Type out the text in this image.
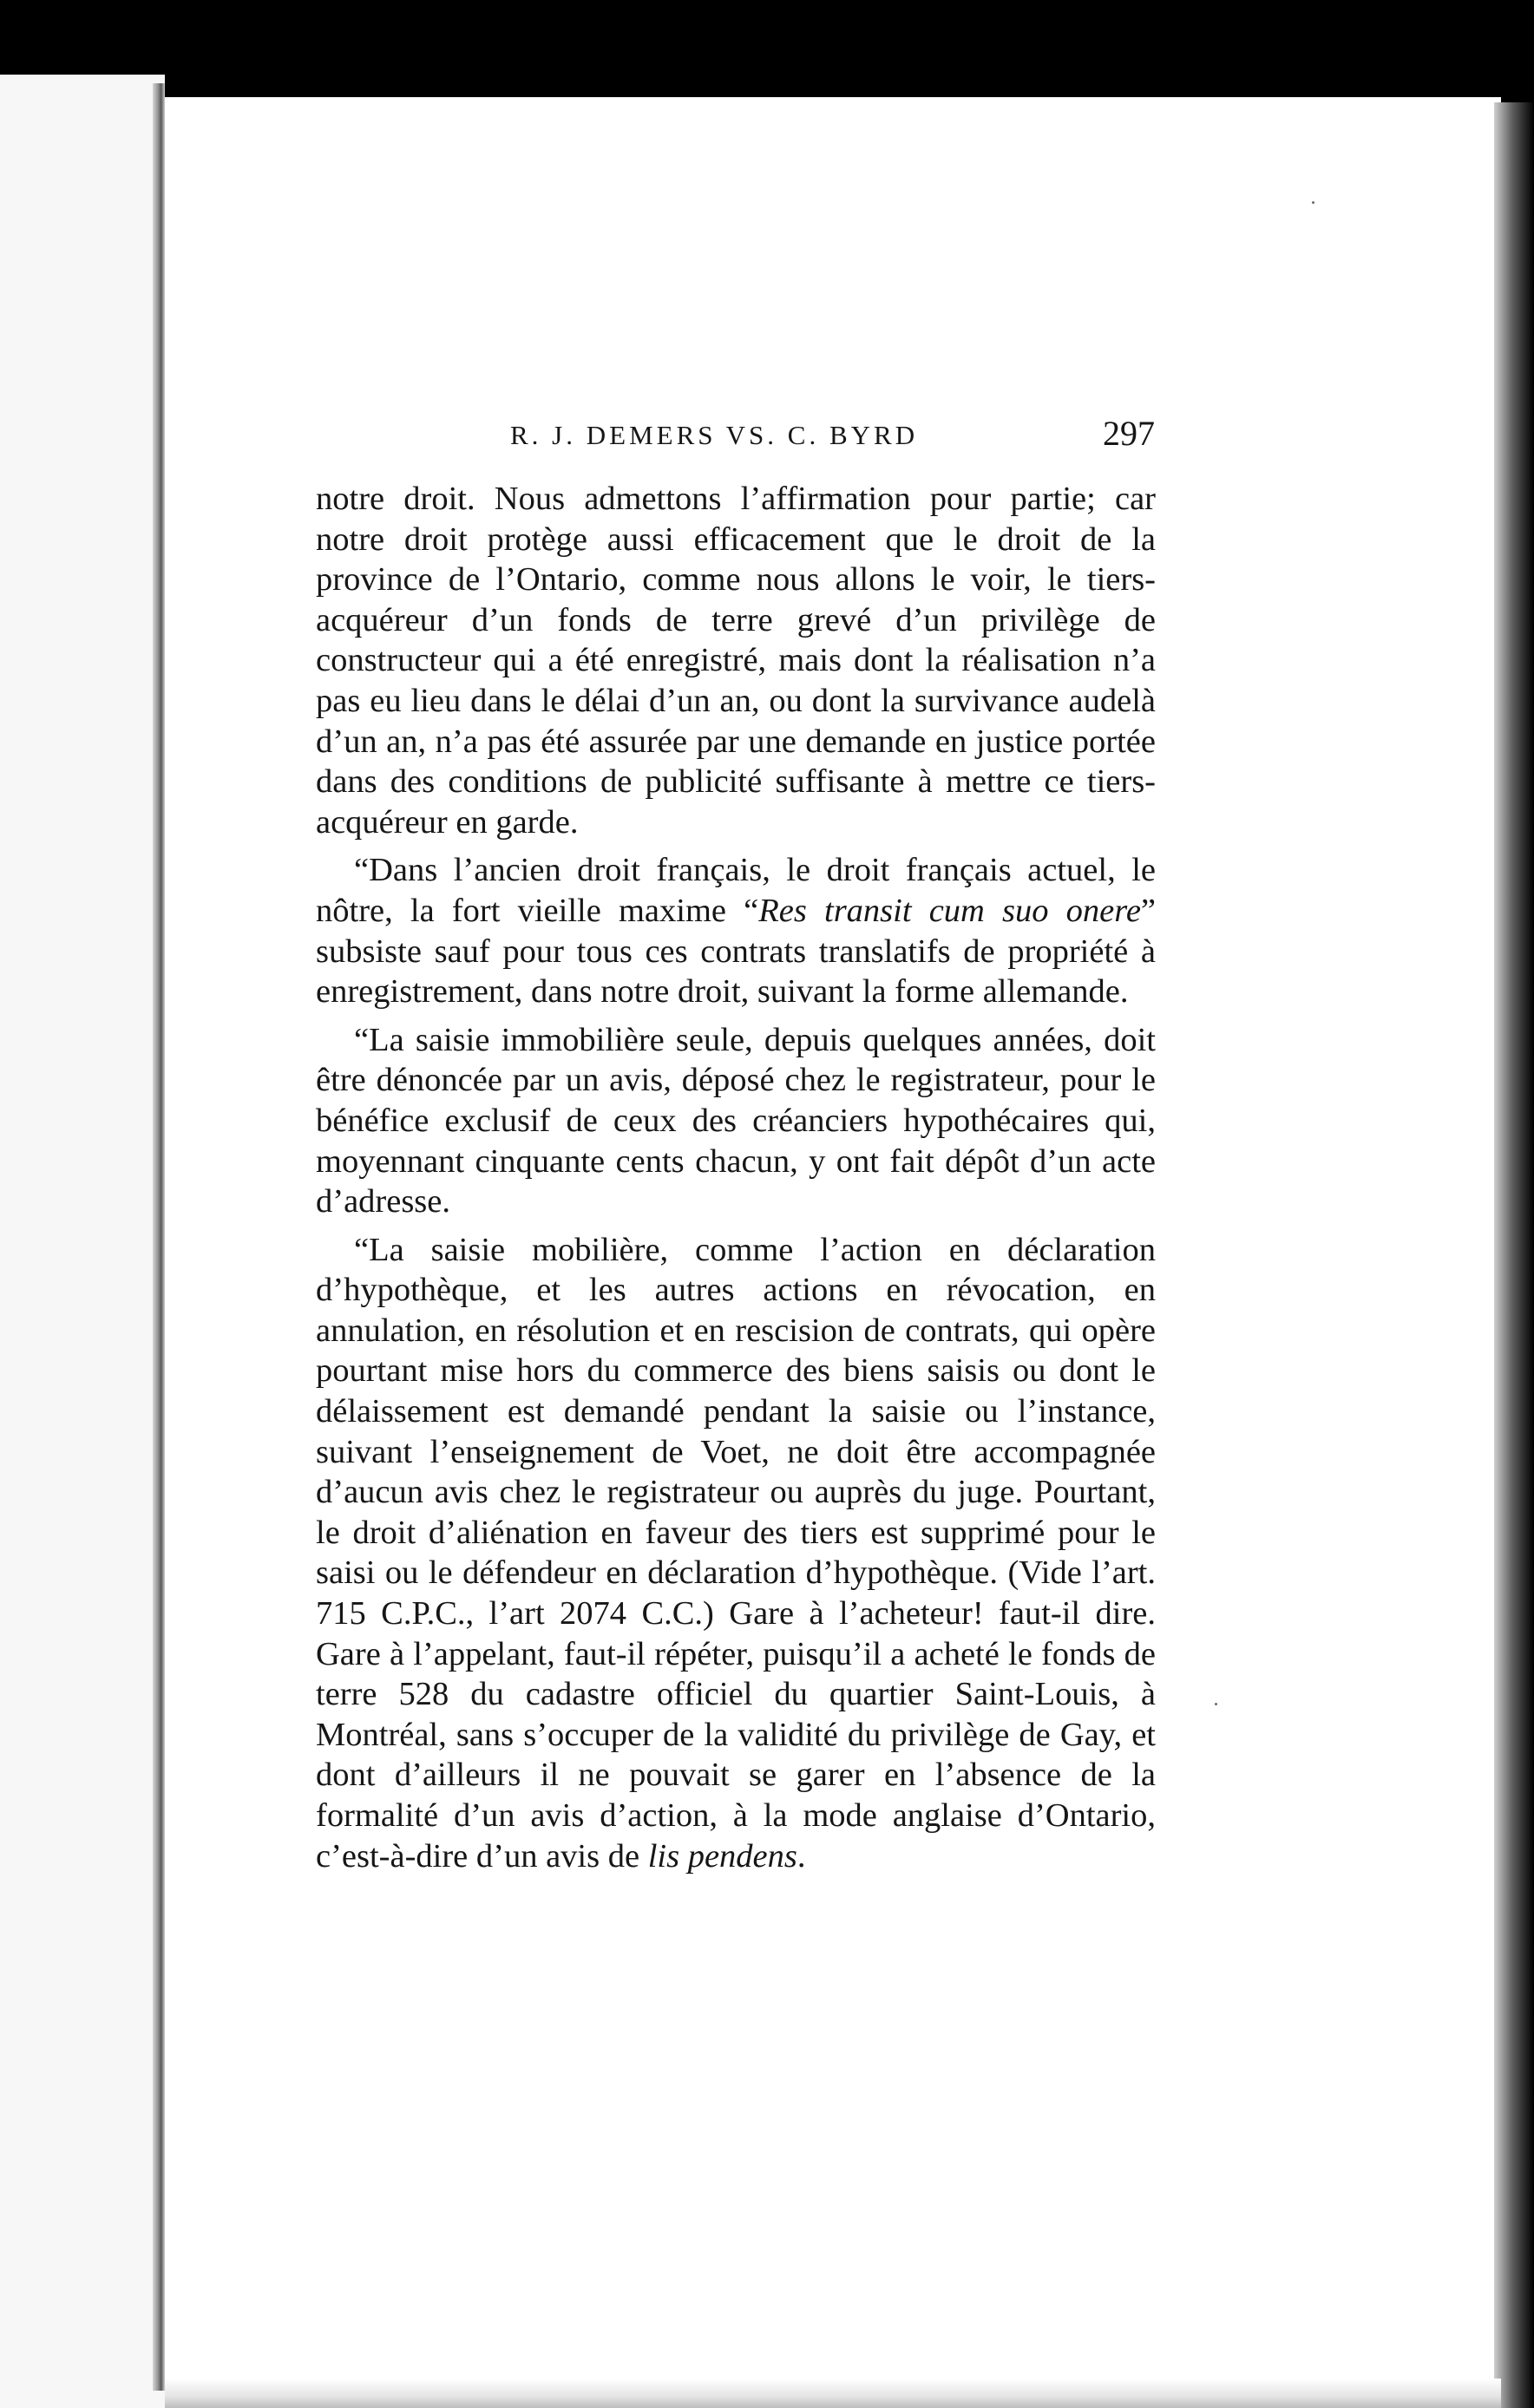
R. J. DEMERS VS. C. BYRD	297

notre droit. Nous admettons l’affirmation pour partie; car notre droit protège aussi efficacement que le droit de la province de l’Ontario, comme nous allons le voir, le tiers-acquéreur d’un fonds de terre grevé d’un privilège de constructeur qui a été enregistré, mais dont la réalisation n’a pas eu lieu dans le délai d’un an, ou dont la survivance audelà d’un an, n’a pas été assurée par une demande en justice portée dans des conditions de publicité suffisante à mettre ce tiers-acquéreur en garde.

“Dans l’ancien droit français, le droit français actuel, le nôtre, la fort vieille maxime “Res transit cum suo onere” subsiste sauf pour tous ces contrats translatifs de propriété à enregistrement, dans notre droit, suivant la forme allemande.

“La saisie immobilière seule, depuis quelques années, doit être dénoncée par un avis, déposé chez le registrateur, pour le bénéfice exclusif de ceux des créanciers hypothécaires qui, moyennant cinquante cents chacun, y ont fait dépôt d’un acte d’adresse.

“La saisie mobilière, comme l’action en déclaration d’hypothèque, et les autres actions en révocation, en annulation, en résolution et en rescision de contrats, qui opère pourtant mise hors du commerce des biens saisis ou dont le délaissement est demandé pendant la saisie ou l’instance, suivant l’enseignement de Voet, ne doit être accompagnée d’aucun avis chez le registrateur ou auprès du juge. Pourtant, le droit d’aliénation en faveur des tiers est supprimé pour le saisi ou le défendeur en déclaration d’hypothèque. (Vide l’art. 715 C.P.C., l’art 2074 C.C.) Gare à l’acheteur! faut-il dire. Gare à l’appelant, faut-il répéter, puisqu’il a acheté le fonds de terre 528 du cadastre officiel du quartier Saint-Louis, à Montréal, sans s’occuper de la validité du privilège de Gay, et dont d’ailleurs il ne pouvait se garer en l’absence de la formalité d’un avis d’action, à la mode anglaise d’Ontario, c’est-à-dire d’un avis de lis pendens.
